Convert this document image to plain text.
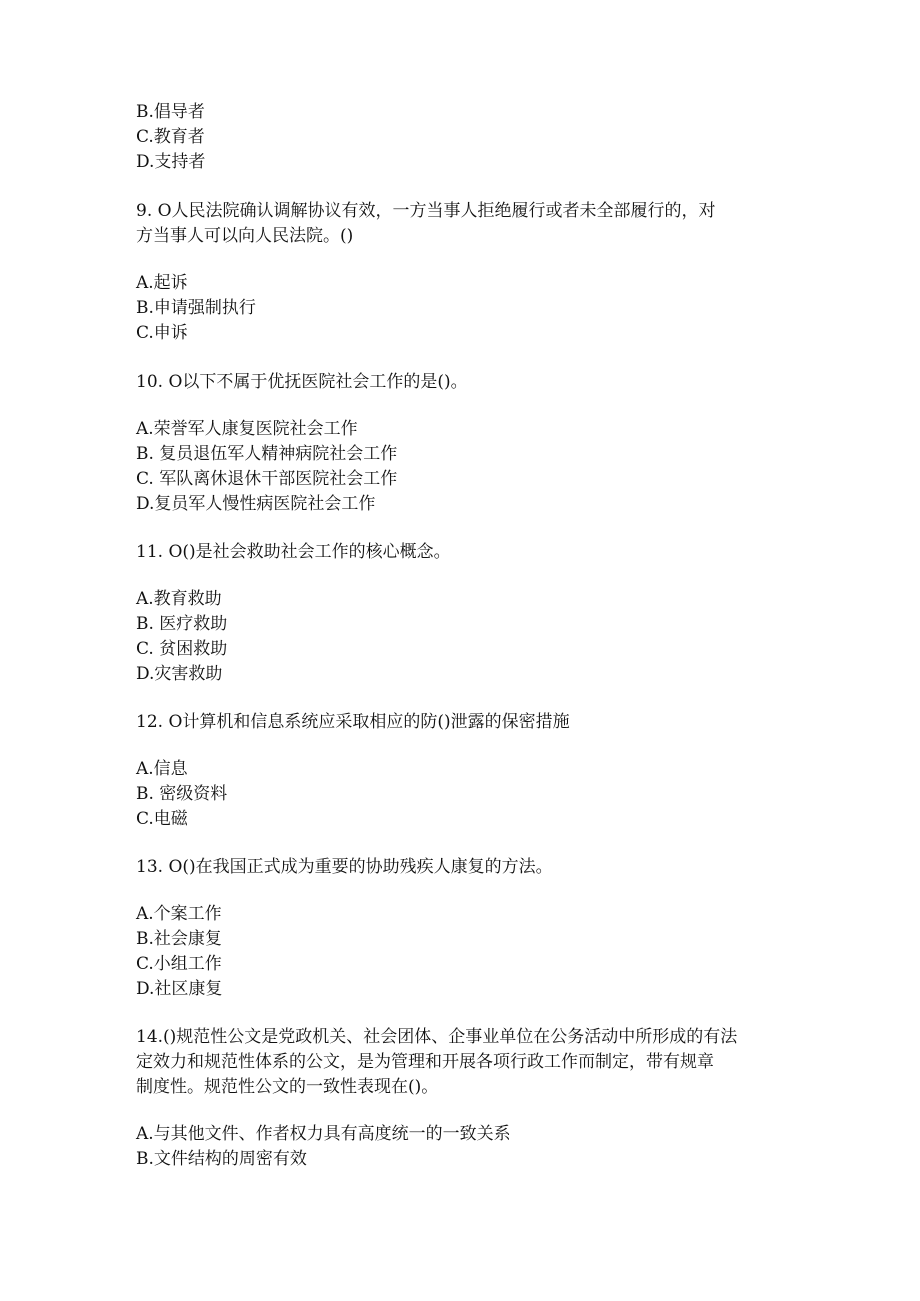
B.倡导者
C.教育者
D.支持者
9. O人民法院确认调解协议有效，一方当事人拒绝履行或者未全部履行的，对
方当事人可以向人民法院。()
A.起诉
B.申请强制执行
C.申诉
10. O以下不属于优抚医院社会工作的是()。
A.荣誉军人康复医院社会工作
B. 复员退伍军人精神病院社会工作
C. 军队离休退休干部医院社会工作
D.复员军人慢性病医院社会工作
11. O()是社会救助社会工作的核心概念。
A.教育救助
B. 医疗救助
C. 贫困救助
D.灾害救助
12. O计算机和信息系统应采取相应的防()泄露的保密措施
A.信息
B. 密级资料
C.电磁
13. O()在我国正式成为重要的协助残疾人康复的方法。
A.个案工作
B.社会康复
C.小组工作
D.社区康复
14.()规范性公文是党政机关、社会团体、企事业单位在公务活动中所形成的有法
定效力和规范性体系的公文，是为管理和开展各项行政工作而制定，带有规章
制度性。规范性公文的一致性表现在()。
A.与其他文件、作者权力具有高度统一的一致关系
B.文件结构的周密有效
